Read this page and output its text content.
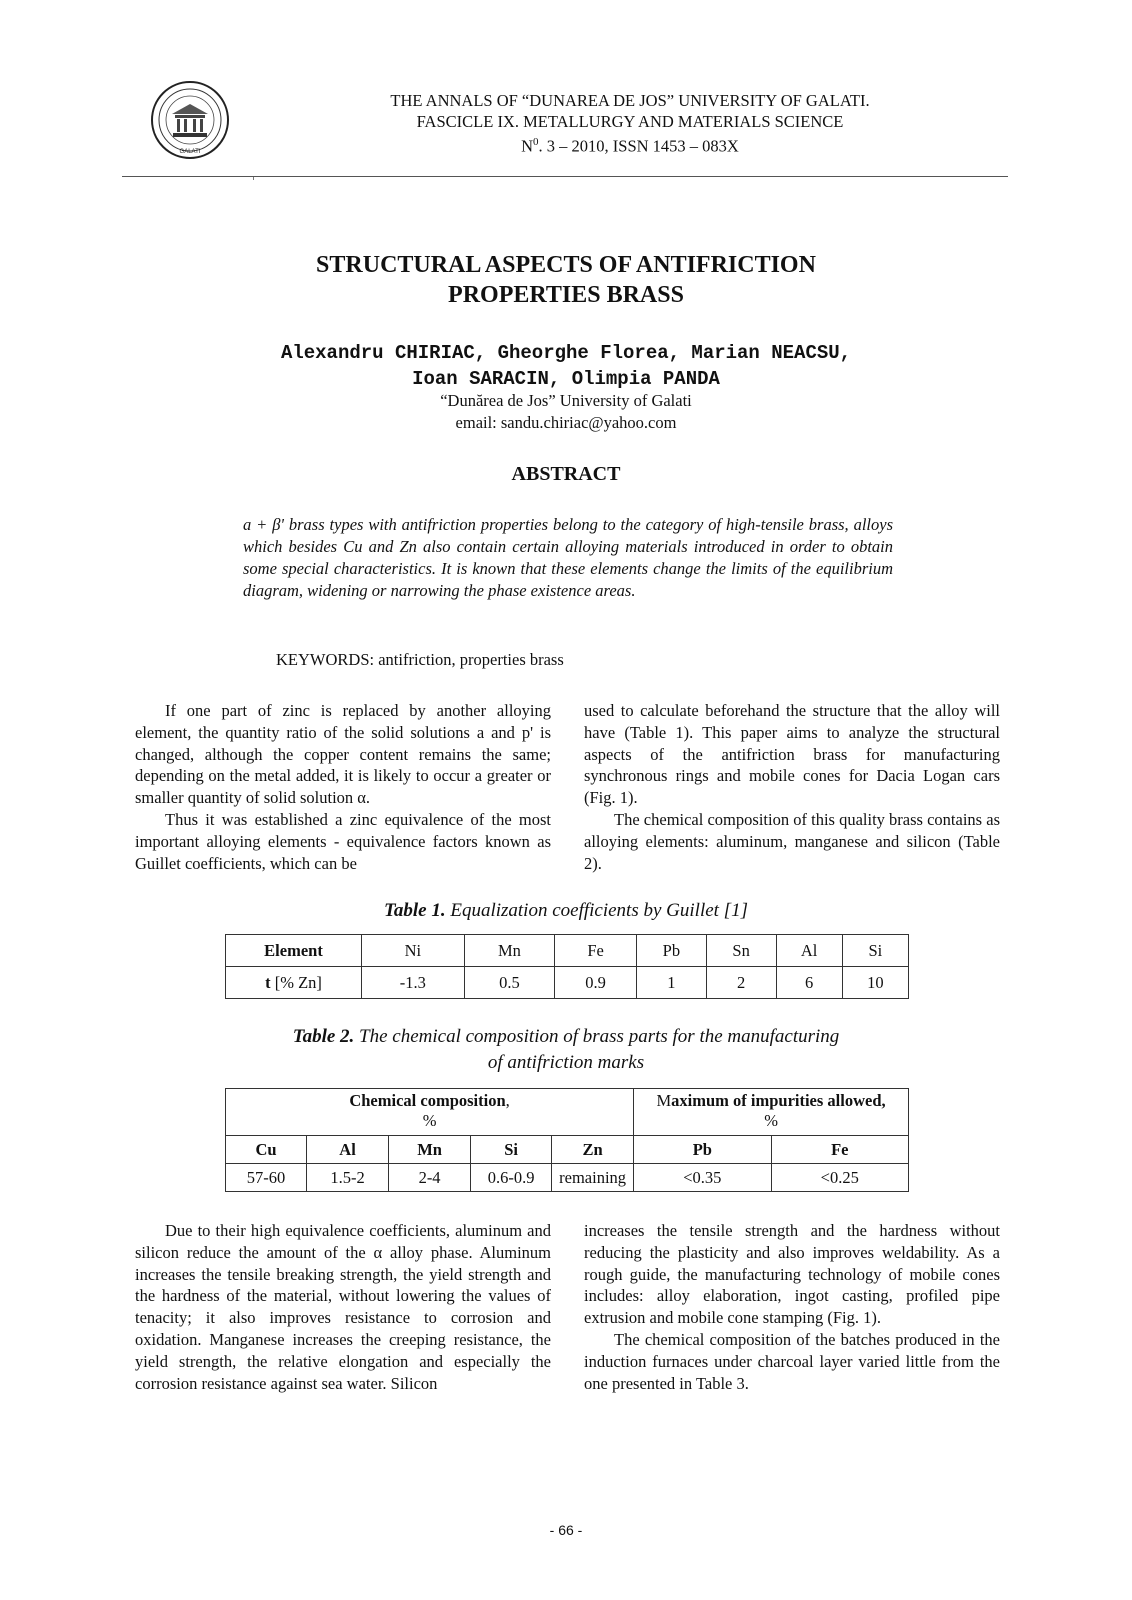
GALATI
THE ANNALS OF “DUNAREA DE JOS” UNIVERSITY OF GALATI.
FASCICLE IX. METALLURGY AND MATERIALS SCIENCE
$N^0$. 3 – 2010, ISSN 1453 – 083X
STRUCTURAL ASPECTS OF ANTIFRICTION
PROPERTIES BRASS
Alexandru CHIRIAC, Gheorghe Florea, Marian NEACSU,
Ioan SARACIN, Olimpia PANDA
“Dunărea de Jos” University of Galati
email: sandu.chiriac@yahoo.com
ABSTRACT
a + β' brass types with antifriction properties belong to the category of high-tensile brass, alloys which besides Cu and Zn also contain certain alloying materials introduced in order to obtain some special characteristics. It is known that these elements change the limits of the equilibrium diagram, widening or narrowing the phase existence areas.
KEYWORDS: antifriction, properties brass

If one part of zinc is replaced by another alloying element, the quantity ratio of the solid solutions a and p' is changed, although the copper content remains the same; depending on the metal added, it is likely to occur a greater or smaller quantity of solid solution α.

Thus it was established a zinc equivalence of the most important alloying elements - equivalence factors known as Guillet coefficients, which can be

used to calculate beforehand the structure that the alloy will have (Table 1). This paper aims to analyze the structural aspects of the antifriction brass for manufacturing synchronous rings and mobile cones for Dacia Logan cars (Fig. 1).

The chemical composition of this quality brass contains as alloying elements: aluminum, manganese and silicon (Table 2).

Table 1. Equalization coefficients by Guillet [1]
Element	Ni	Mn	Fe	Pb	Sn	Al	Si
t [% Zn]	-1.3	0.5	0.9	1	2	6	10
Table 2. The chemical composition of brass parts for the manufacturing
of antifriction marks
Chemical composition,
%					Maximum of impurities allowed,
%	
Cu	Al	Mn	Si	Zn	Pb	Fe
57-60	1.5-2	2-4	0.6-0.9	remaining	<0.35	<0.25

Due to their high equivalence coefficients, aluminum and silicon reduce the amount of the α alloy phase. Aluminum increases the tensile breaking strength, the yield strength and the hardness of the material, without lowering the values of tenacity; it also improves resistance to corrosion and oxidation. Manganese increases the creeping resistance, the yield strength, the relative elongation and especially the corrosion resistance against sea water. Silicon

increases the tensile strength and the hardness without reducing the plasticity and also improves weldability. As a rough guide, the manufacturing technology of mobile cones includes: alloy elaboration, ingot casting, profiled pipe extrusion and mobile cone stamping (Fig. 1).

The chemical composition of the batches produced in the induction furnaces under charcoal layer varied little from the one presented in Table 3.

- 66 -
